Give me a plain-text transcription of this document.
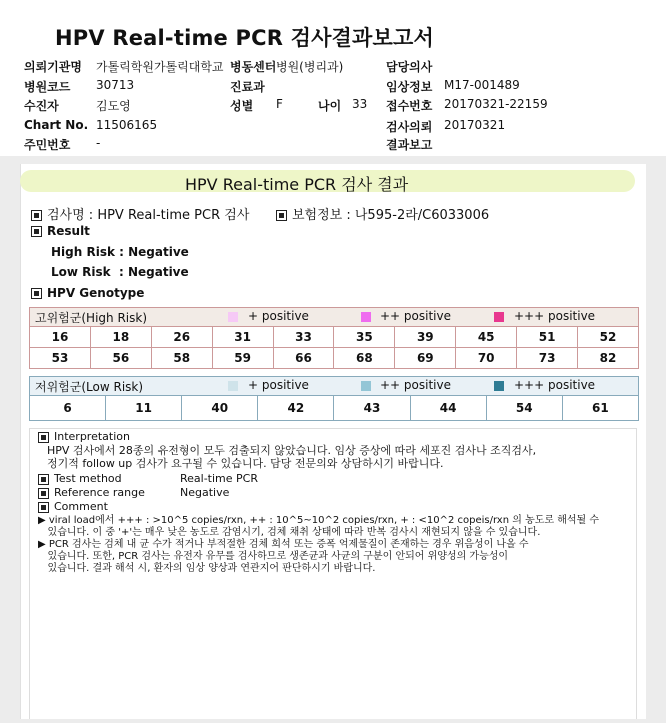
HPV Real-time PCR 검사결과보고서
의뢰기관명 가톨릭학원가톨릭대학교 병동센터 병원(병리과)	담당의사
병원코드 30713	진료과	임상정보 M17-001489
수진자	김도영	성별 F	나이 33 접수번호 20170321-22159
Chart No. 11506165	검사의뢰 20170321
주민번호 -	결과보고
HPV Real-time PCR 검사 결과
검사명 : HPV Real-time PCR 검사	보험정보 : 나595-2라/C6033006
Result
High Risk : Negative
Low Risk  : Negative
HPV Genotype
고위험군(High Risk)	+ positive	++ positive	+++ positive
16	18	26	31	33	35	39	45	51	52
53	56	58	59	66	68	69	70	73	82
저위험군(Low Risk)	+ positive	++ positive	+++ positive
6	11	40	42	43	44	54	61
Interpretation
HPV 검사에서 28종의 유전형이 모두 검출되지 않았습니다. 임상 증상에 따라 세포진 검사나 조직검사,
정기적 follow up 검사가 요구될 수 있습니다. 담당 전문의와 상담하시기 바랍니다.
Test method	Real-time PCR
Reference range	Negative
Comment
▶ viral load에서 +++ : >10^5 copies/rxn, ++ : 10^5~10^2 copies/rxn, + : <10^2 copeis/rxn 의 농도로 해석될 수
있습니다. 이 중 '+'는 매우 낮은 농도로 감염시기, 검체 채취 상태에 따라 반복 검사시 재현되지 않을 수 있습니다.
▶ PCR 검사는 검체 내 균 수가 적거나 부적절한 검체 희석 또는 증폭 억제물질이 존재하는 경우 위음성이 나올 수
있습니다. 또한, PCR 검사는 유전자 유무를 검사하므로 생존균과 사균의 구분이 안되어 위양성의 가능성이
있습니다. 결과 해석 시, 환자의 임상 양상과 연관지어 판단하시기 바랍니다.
